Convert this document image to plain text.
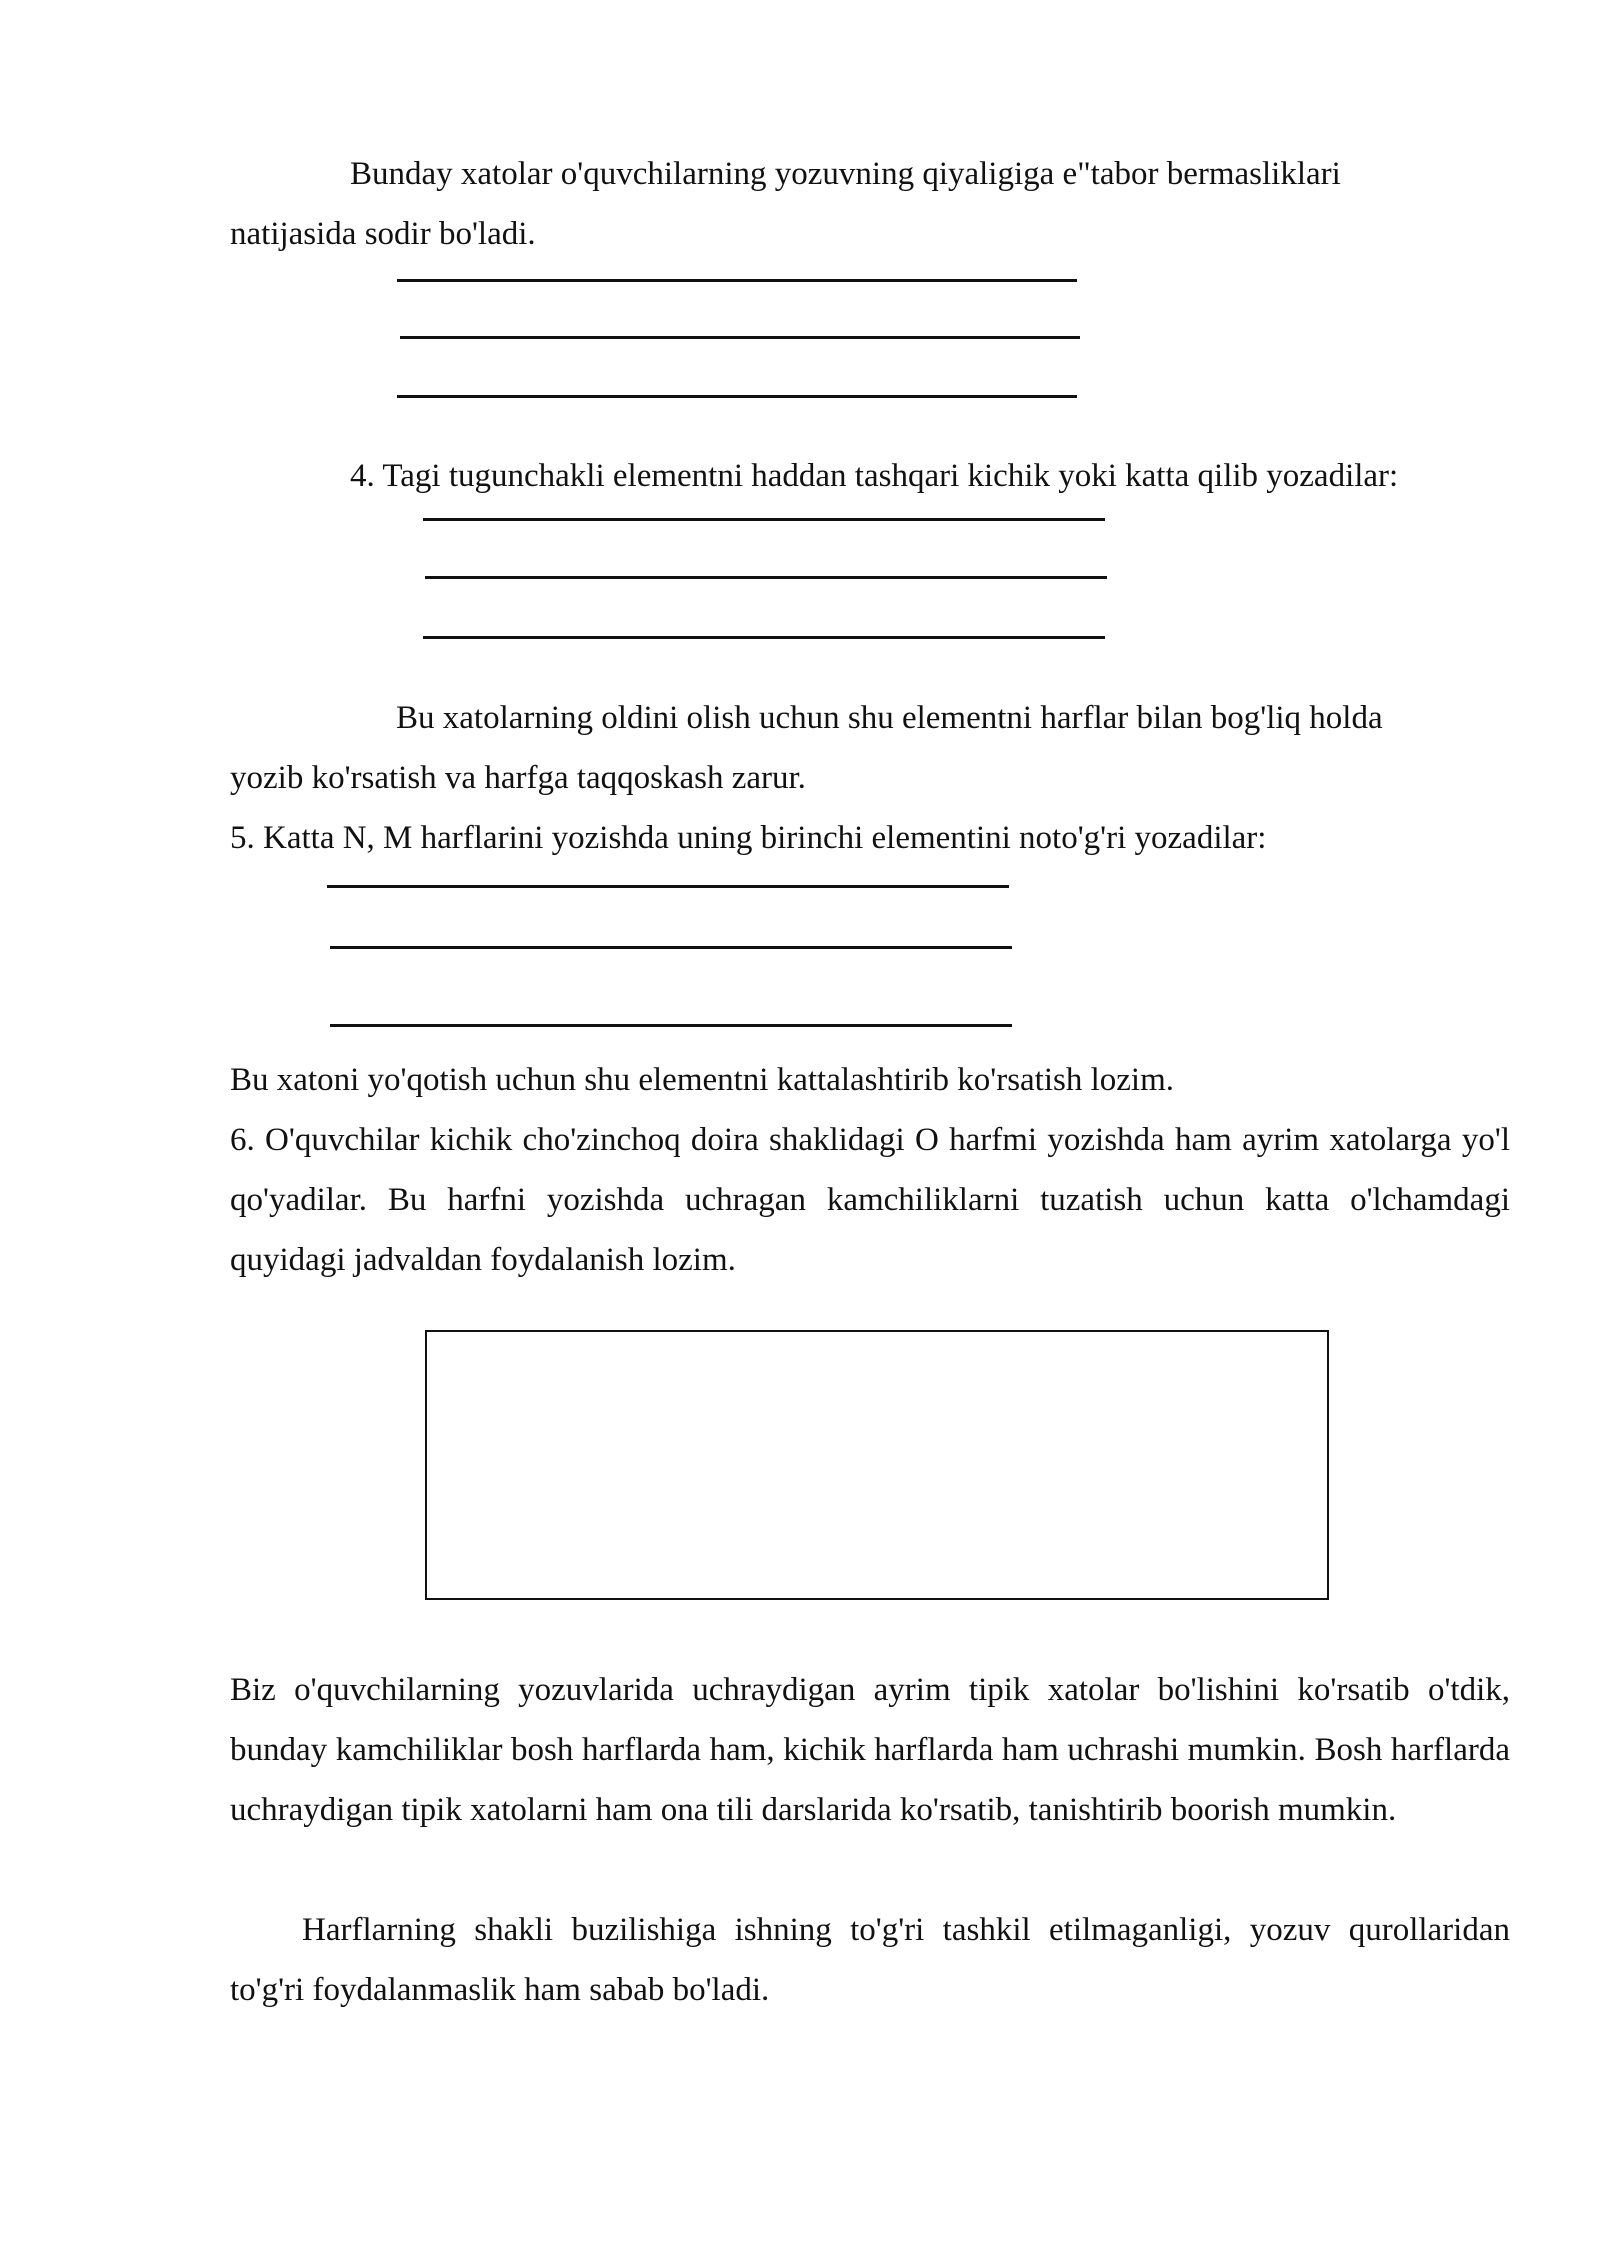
Bunday xatolar o'quvchilarning yozuvning qiyaligiga e"tabor bermasliklari

natijasida sodir bo'ladi.

4. Tagi tugunchakli elementni haddan tashqari kichik yoki katta qilib yozadilar:

Bu xatolarning oldini olish uchun shu elementni harflar bilan bog'liq holda

yozib ko'rsatish va harfga taqqoskash zarur.

5. Katta N, M harflarini yozishda uning birinchi elementini noto'g'ri yozadilar:

Bu xatoni yo'qotish uchun shu elementni kattalashtirib ko'rsatish lozim.

6. O'quvchilar kichik cho'zinchoq doira shaklidagi O harfmi yozishda ham ayrim xatolarga yo'l qo'yadilar. Bu harfni yozishda uchragan kamchiliklarni tuzatish uchun katta o'lchamdagi quyidagi jadvaldan foydalanish lozim.

Biz o'quvchilarning yozuvlarida uchraydigan ayrim tipik xatolar bo'lishini ko'rsatib o'tdik, bunday kamchiliklar bosh harflarda ham, kichik harflarda ham uchrashi mumkin. Bosh harflarda uchraydigan tipik xatolarni ham ona tili darslarida ko'rsatib, tanishtirib boorish mumkin.

Harflarning shakli buzilishiga ishning to'g'ri tashkil etilmaganligi, yozuv qurollaridan to'g'ri foydalanmaslik ham sabab bo'ladi.
